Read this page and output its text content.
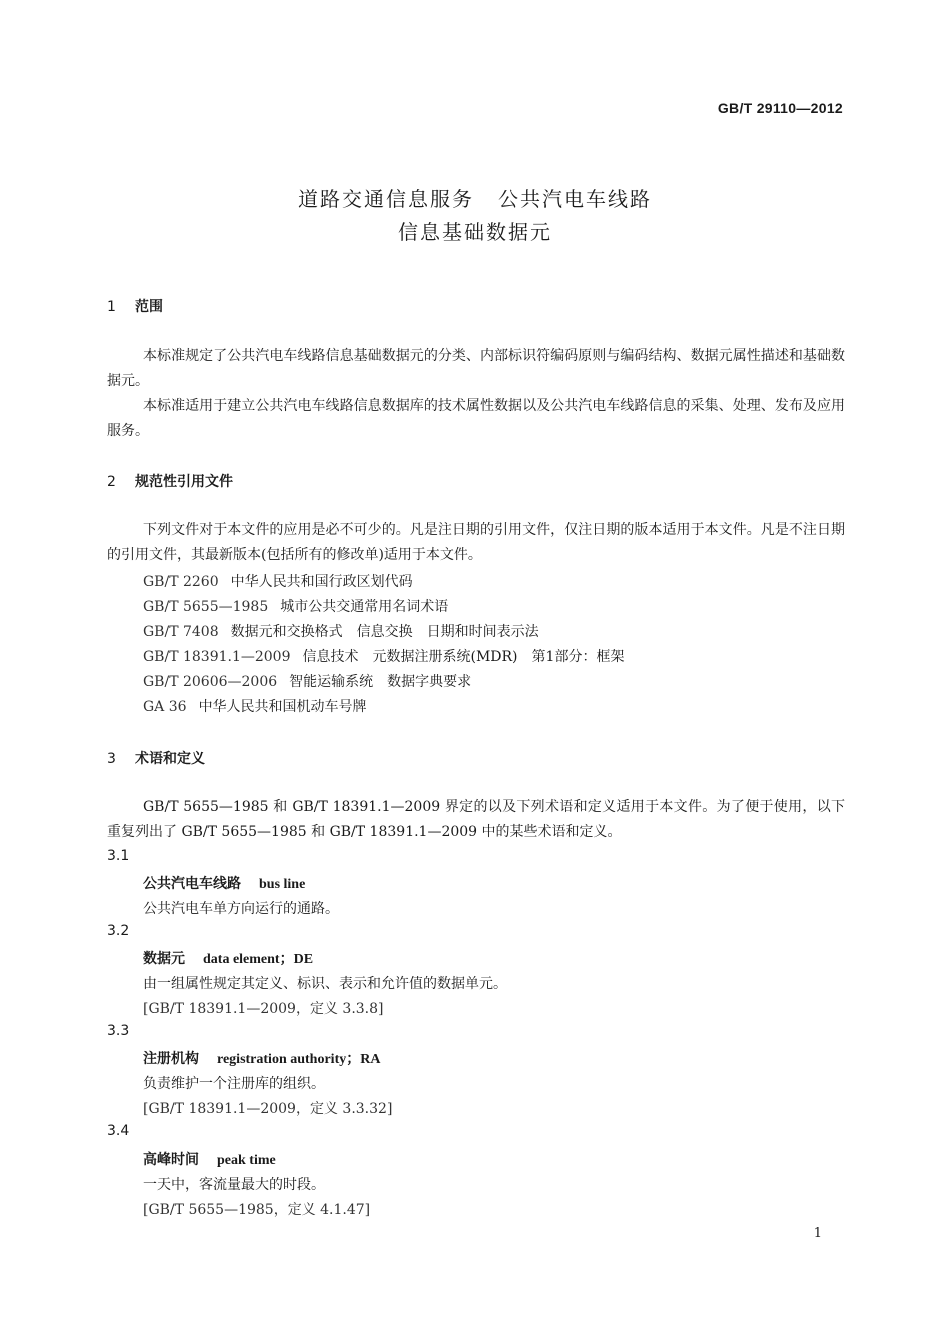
GB/T 29110—2012
道路交通信息服务 公共汽电车线路
信息基础数据元
1 范围
本标准规定了公共汽电车线路信息基础数据元的分类、内部标识符编码原则与编码结构、数据元属性描述和基础数据元。
本标准适用于建立公共汽电车线路信息数据库的技术属性数据以及公共汽电车线路信息的采集、处理、发布及应用服务。
2 规范性引用文件
下列文件对于本文件的应用是必不可少的。凡是注日期的引用文件，仅注日期的版本适用于本文件。凡是不注日期的引用文件，其最新版本(包括所有的修改单)适用于本文件。
GB/T 2260 中华人民共和国行政区划代码
GB/T 5655—1985 城市公共交通常用名词术语
GB/T 7408 数据元和交换格式 信息交换 日期和时间表示法
GB/T 18391.1—2009 信息技术 元数据注册系统(MDR) 第1部分：框架
GB/T 20606—2006 智能运输系统 数据字典要求
GA 36 中华人民共和国机动车号牌
3 术语和定义
GB/T 5655—1985 和 GB/T 18391.1—2009 界定的以及下列术语和定义适用于本文件。为了便于使用，以下重复列出了 GB/T 5655—1985 和 GB/T 18391.1—2009 中的某些术语和定义。
3.1
公共汽电车线路 bus line
公共汽电车单方向运行的通路。
3.2
数据元 data element；DE
由一组属性规定其定义、标识、表示和允许值的数据单元。
[GB/T 18391.1—2009，定义 3.3.8]
3.3
注册机构 registration authority；RA
负责维护一个注册库的组织。
[GB/T 18391.1—2009，定义 3.3.32]
3.4
高峰时间 peak time
一天中，客流量最大的时段。
[GB/T 5655—1985，定义 4.1.47]
1
